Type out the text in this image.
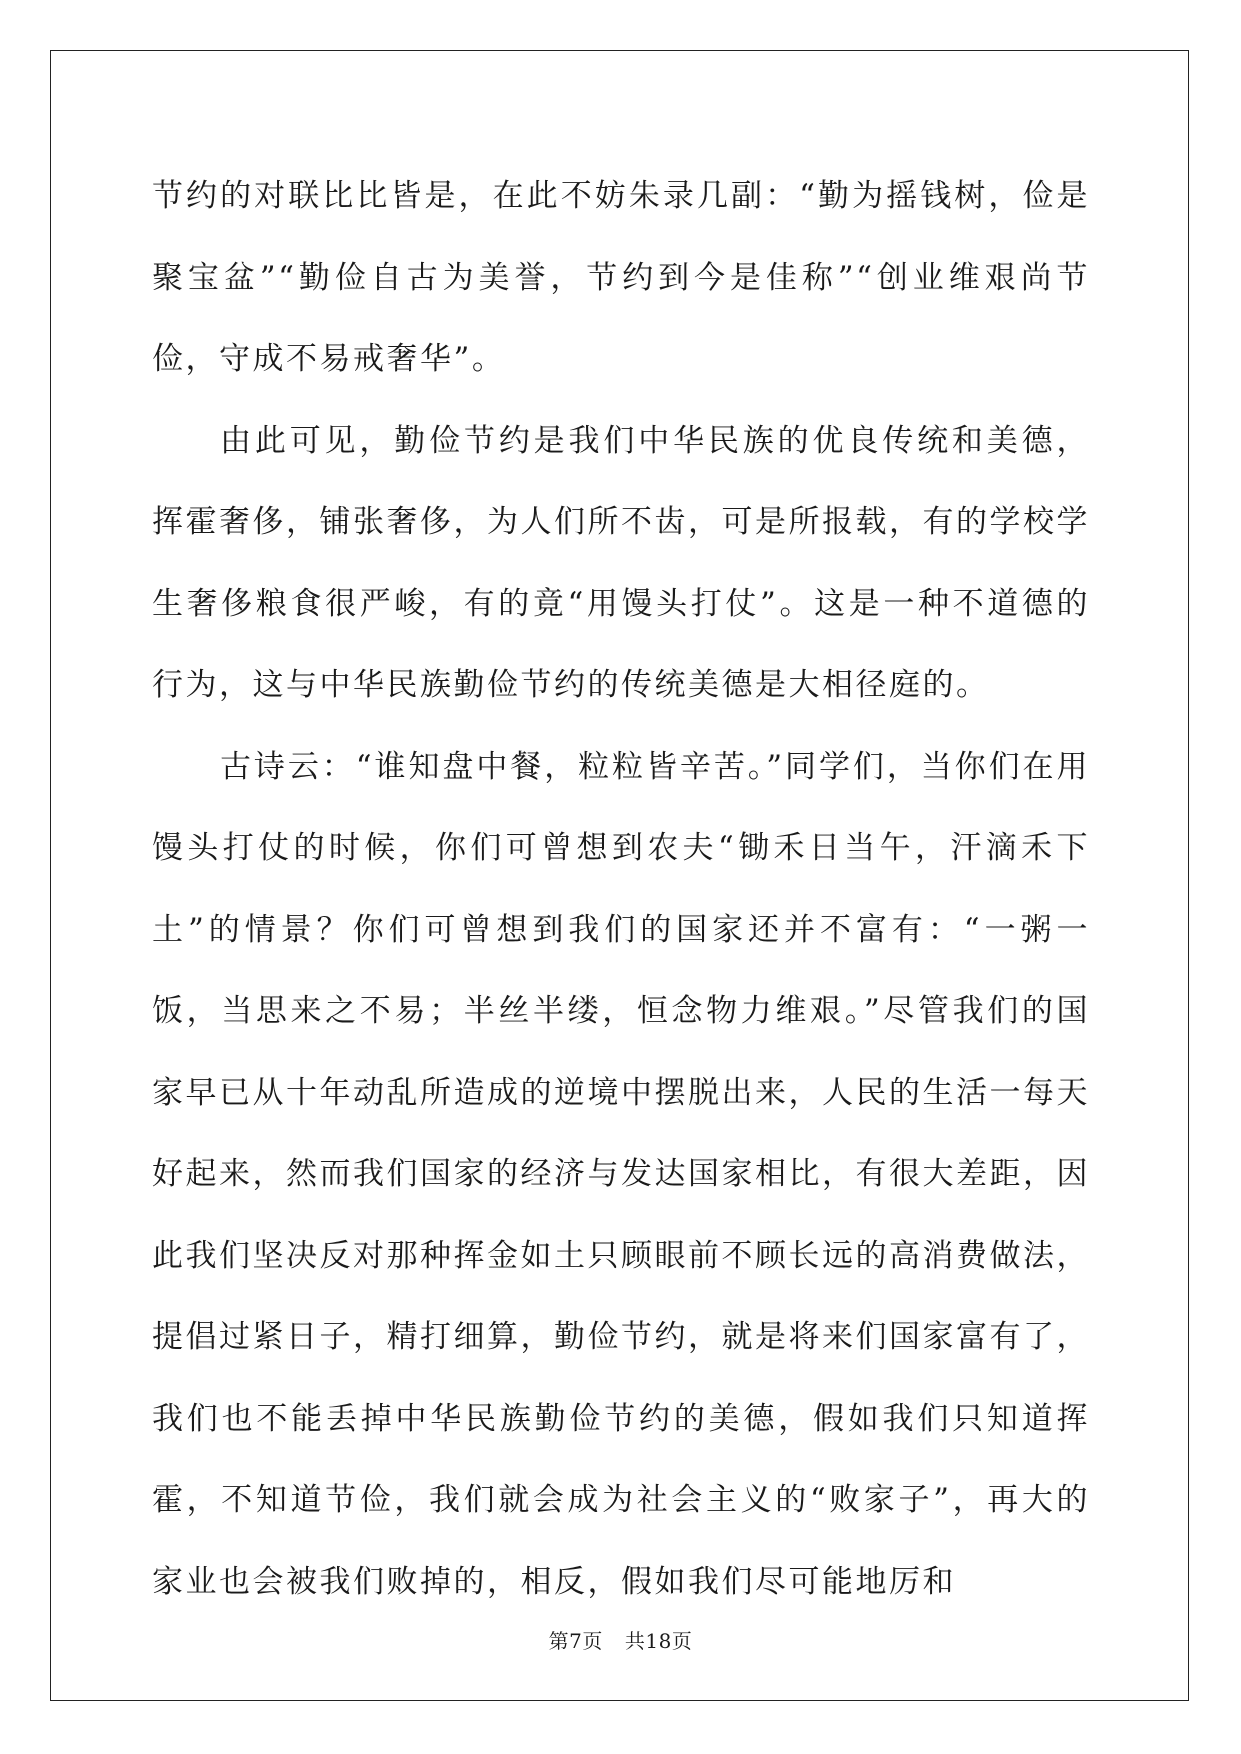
节约的对联比比皆是，在此不妨朱录几副：“勤为摇钱树，俭是聚宝盆”“勤俭自古为美誉，节约到今是佳称”“创业维艰尚节俭，守成不易戒奢华”。

由此可见，勤俭节约是我们中华民族的优良传统和美德，挥霍奢侈，铺张奢侈，为人们所不齿，可是所报载，有的学校学生奢侈粮食很严峻，有的竟“用馒头打仗”。这是一种不道德的行为，这与中华民族勤俭节约的传统美德是大相径庭的。

古诗云：“谁知盘中餐，粒粒皆辛苦。”同学们，当你们在用馒头打仗的时候，你们可曾想到农夫“锄禾日当午，汗滴禾下土”的情景？你们可曾想到我们的国家还并不富有：“一粥一饭，当思来之不易；半丝半缕，恒念物力维艰。”尽管我们的国家早已从十年动乱所造成的逆境中摆脱出来，人民的生活一每天好起来，然而我们国家的经济与发达国家相比，有很大差距，因此我们坚决反对那种挥金如土只顾眼前不顾长远的高消费做法，提倡过紧日子，精打细算，勤俭节约，就是将来们国家富有了，我们也不能丢掉中华民族勤俭节约的美德，假如我们只知道挥霍，不知道节俭，我们就会成为社会主义的“败家子”，再大的家业也会被我们败掉的，相反，假如我们尽可能地厉和

第7页 共18页
